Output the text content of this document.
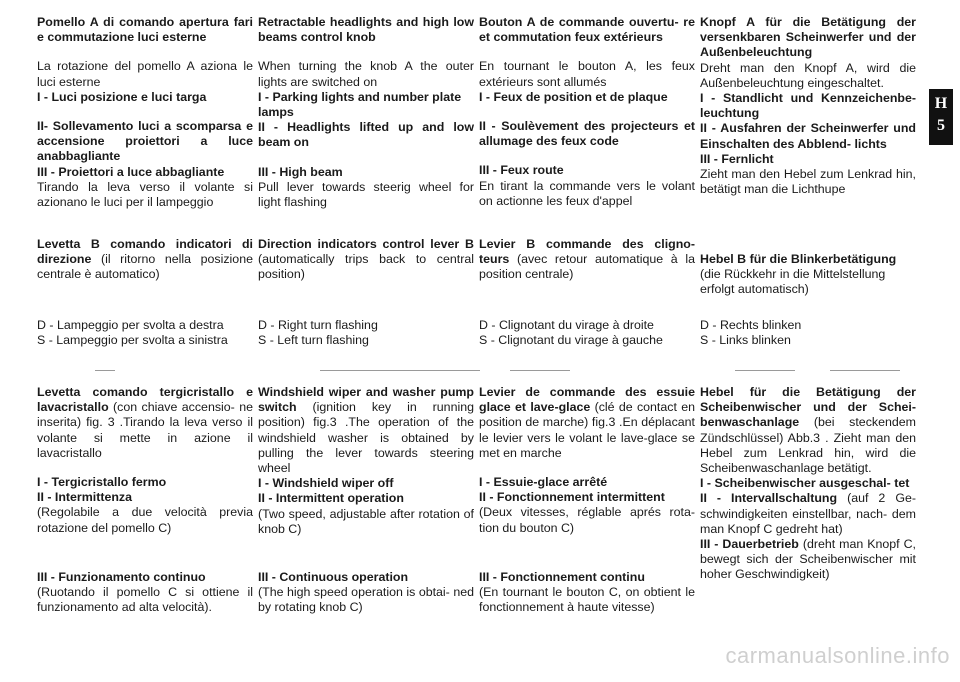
Pomello A di comando apertura fari e commutazione luci esterne

La rotazione del pomello A aziona le luci esterne

I - Luci posizione e luci targa

II- Sollevamento luci a scomparsa e accensione proiettori a luce anabbagliante

III - Proiettori a luce abbagliante

Tirando la leva verso il volante si azionano le luci per il lampeggio

Levetta B comando indicatori di direzione (il ritorno nella posizione centrale è automatico)

D - Lampeggio per svolta a destra

S - Lampeggio per svolta a sinistra

Levetta comando tergicristallo e lavacristallo (con chiave accensio- ne inserita) fig. 3 .Tirando la leva verso il volante si mette in azione il lavacristallo

I - Tergicristallo fermo

II - Intermittenza

(Regolabile a due velocità previa rotazione del pomello C)

III - Funzionamento continuo

(Ruotando il pomello C si ottiene il funzionamento ad alta velocità).

Retractable headlights and high low beams control knob

When turning the knob A the outer lights are switched on

I - Parking lights and number plate lamps

II - Headlights lifted up and low beam on

III - High beam

Pull lever towards steerig wheel for light flashing

Direction indicators control lever B (automatically trips back to central position)

D - Right turn flashing

S - Left turn flashing

Windshield wiper and washer pump switch (ignition key in running position) fig.3 .The operation of the windshield washer is obtained by pulling the lever towards steering wheel

I - Windshield wiper off

II - Intermittent operation

(Two speed, adjustable after rotation of knob C)

III - Continuous operation

(The high speed operation is obtai- ned by rotating knob C)

Bouton A de commande ouvertu- re et commutation feux extérieurs

En tournant le bouton A, les feux extérieurs sont allumés

I - Feux de position et de plaque

II - Soulèvement des projecteurs et allumage des feux code

III - Feux route

En tirant la commande vers le volant on actionne les feux d'appel

Levier B commande des cligno- teurs (avec retour automatique à la position centrale)

D - Clignotant du virage à droite

S - Clignotant du virage à gauche

Levier de commande des essuie glace et lave-glace (clé de contact en position de marche) fig.3 .En déplacant le levier vers le volant le lave-glace se met en marche

I - Essuie-glace arrêté

II - Fonctionnement intermittent

(Deux vitesses, réglable aprés rota- tion du bouton C)

III - Fonctionnement continu

(En tournant le bouton C, on obtient le fonctionnement à haute vitesse)

Knopf A für die Betätigung der versenkbaren Scheinwerfer und der Außenbeleuchtung

Dreht man den Knopf A, wird die Außenbeleuchtung eingeschaltet.

I - Standlicht und Kennzeichenbe- leuchtung

II - Ausfahren der Scheinwerfer und Einschalten des Abblend- lichts

III - Fernlicht

Zieht man den Hebel zum Lenkrad hin, betätigt man die Lichthupe

Hebel B für die Blinkerbetätigung

(die Rückkehr in die Mittelstellung erfolgt automatisch)

D - Rechts blinken

S - Links blinken

Hebel für die Betätigung der Scheibenwischer und der Schei- benwaschanlage (bei steckendem Zündschlüssel) Abb.3 . Zieht man den Hebel zum Lenkrad hin, wird die Scheibenwaschanlage betätigt.

I - Scheibenwischer ausgeschal- tet

II - Intervallschaltung (auf 2 Ge- schwindigkeiten einstellbar, nach- dem man Knopf C gedreht hat)

III - Dauerbetrieb (dreht man Knopf C, bewegt sich der Scheibenwischer mit hoher Geschwindigkeit)

H
5
carmanualsonline.info
